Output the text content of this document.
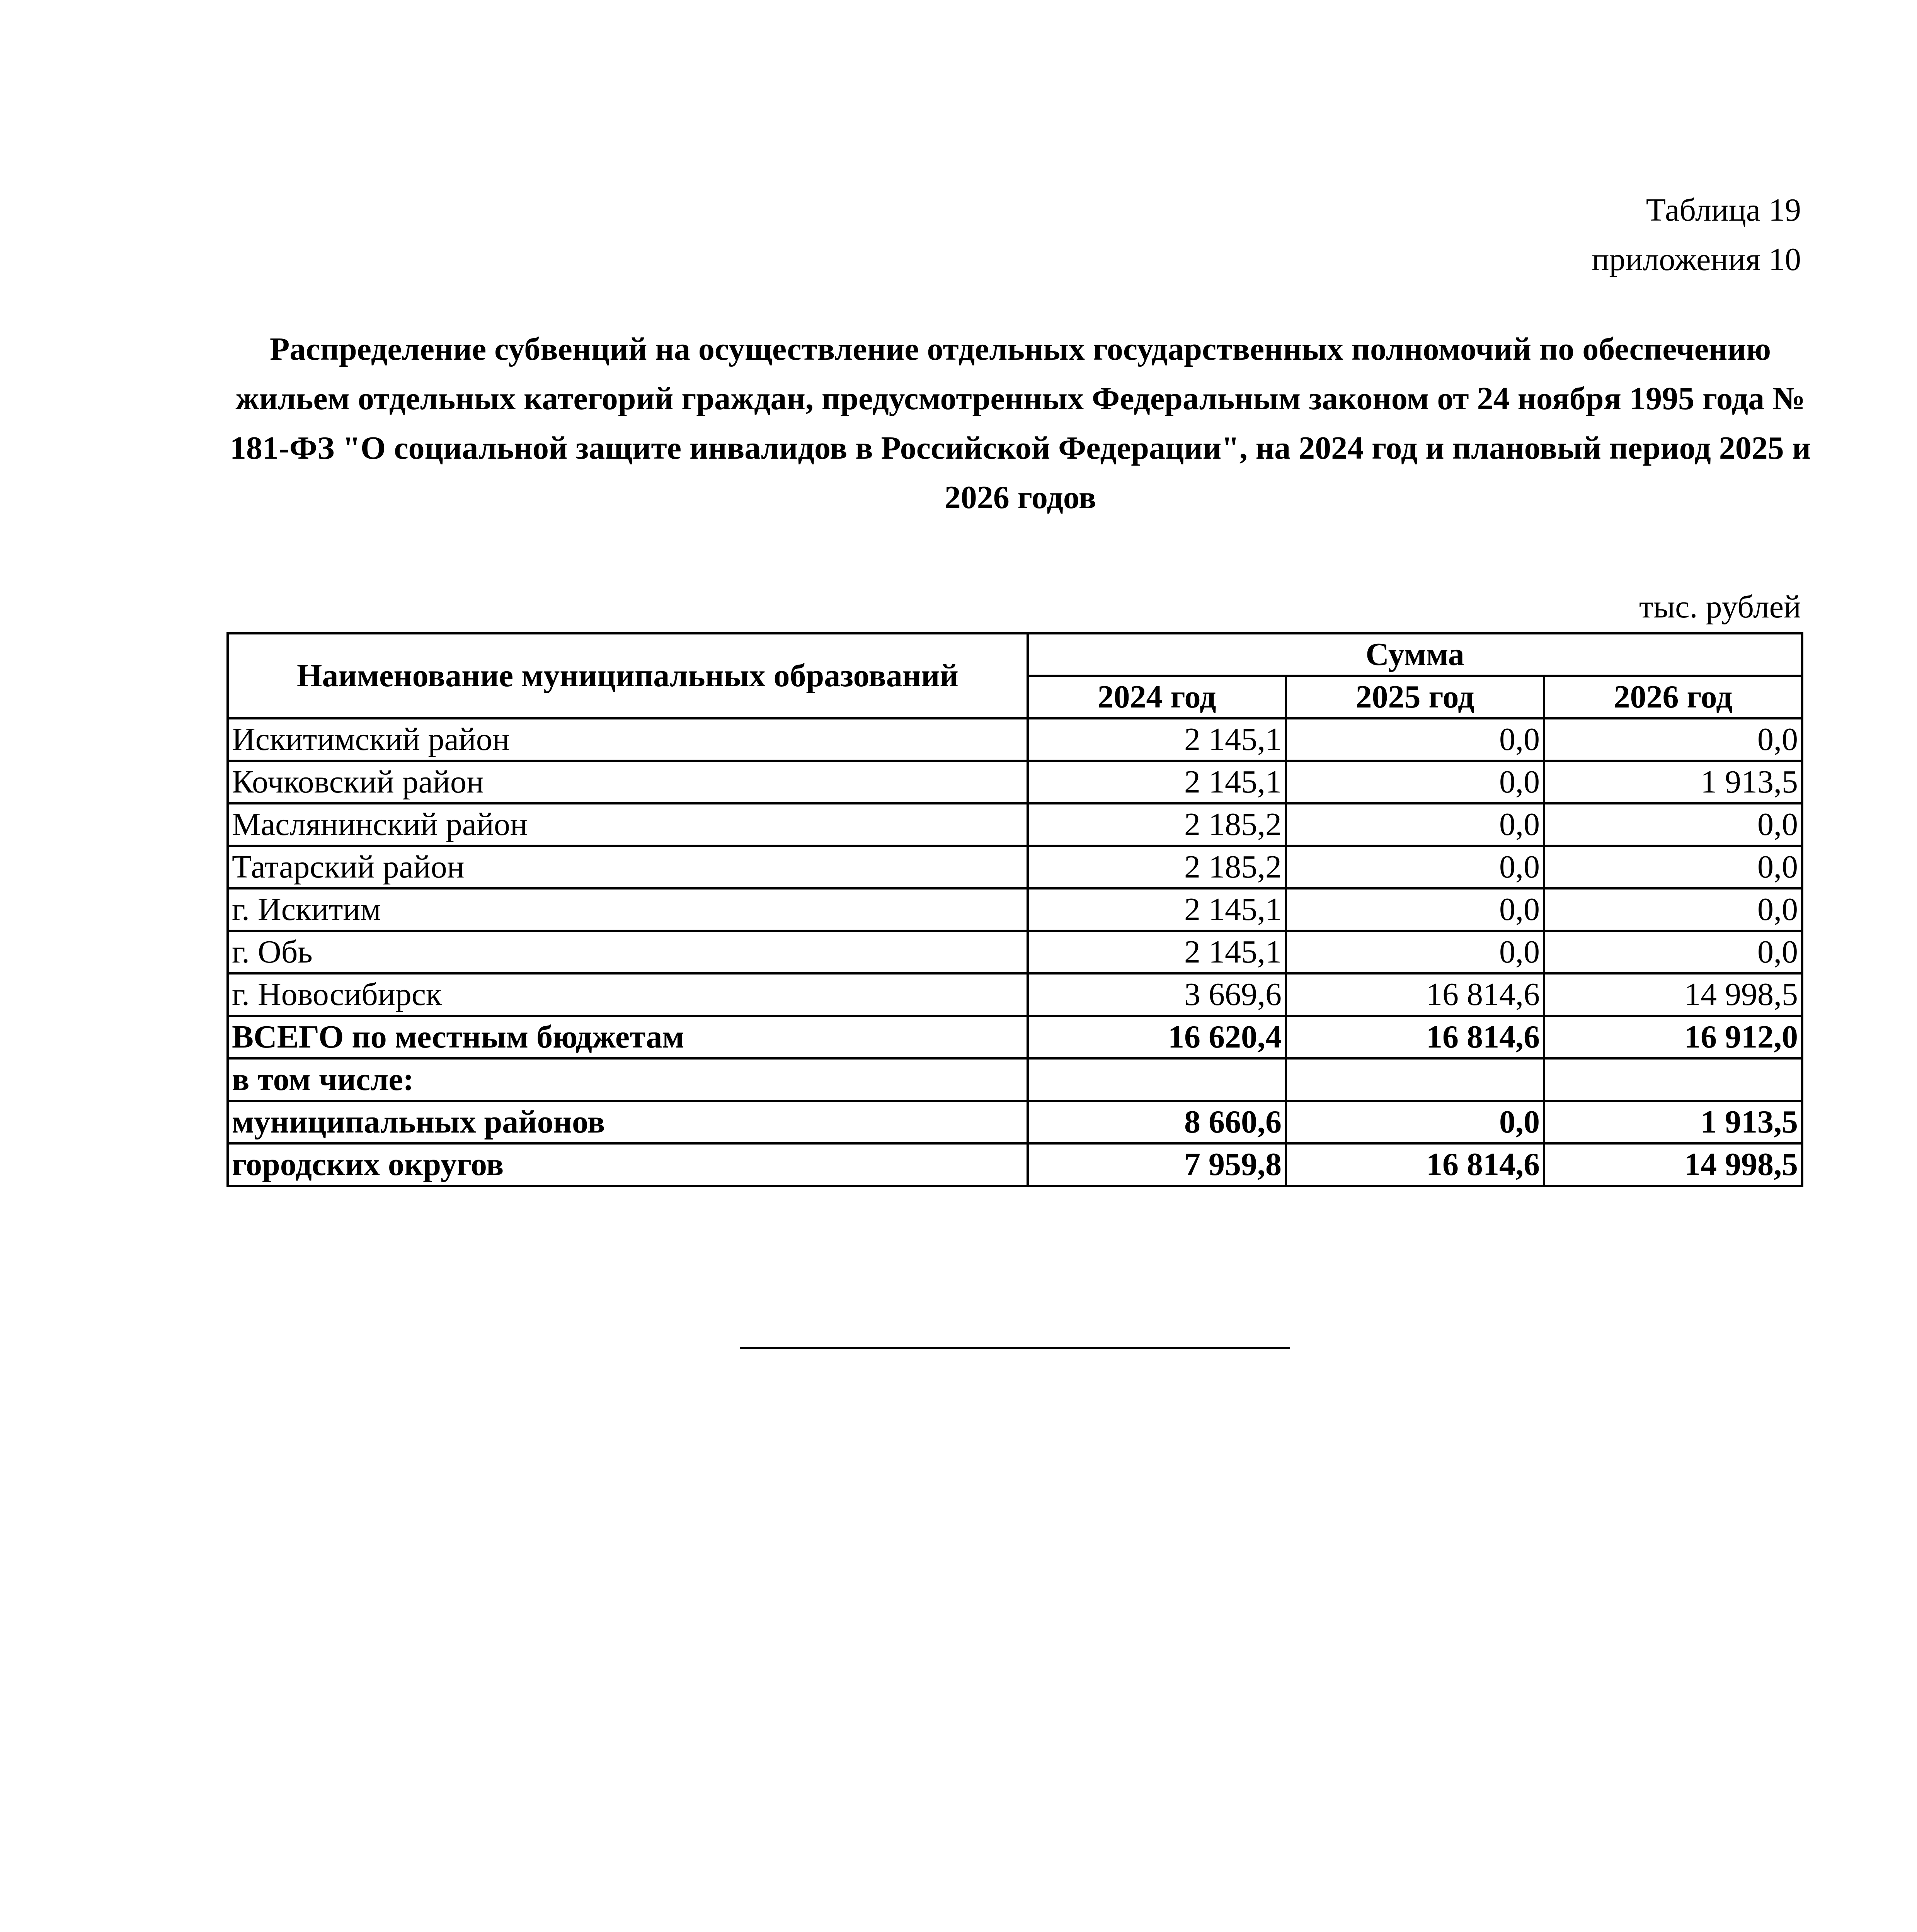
Таблица 19
приложения 10
Распределение субвенций на осуществление отдельных государственных полномочий по обеспечению жильем отдельных категорий граждан, предусмотренных Федеральным законом от 24 ноября 1995 года № 181-ФЗ "О социальной защите инвалидов в Российской Федерации", на 2024 год и плановый период 2025 и 2026 годов
тыс. рублей
Наименование муниципальных образований	Сумма		
	2024 год	2025 год	2026 год
Искитимский район	2 145,1	0,0	0,0
Кочковский район	2 145,1	0,0	1 913,5
Маслянинский район	2 185,2	0,0	0,0
Татарский район	2 185,2	0,0	0,0
г. Искитим	2 145,1	0,0	0,0
г. Обь	2 145,1	0,0	0,0
г. Новосибирск	3 669,6	16 814,6	14 998,5
ВСЕГО по местным бюджетам	16 620,4	16 814,6	16 912,0
в том числе:			
муниципальных районов	8 660,6	0,0	1 913,5
городских округов	7 959,8	16 814,6	14 998,5
